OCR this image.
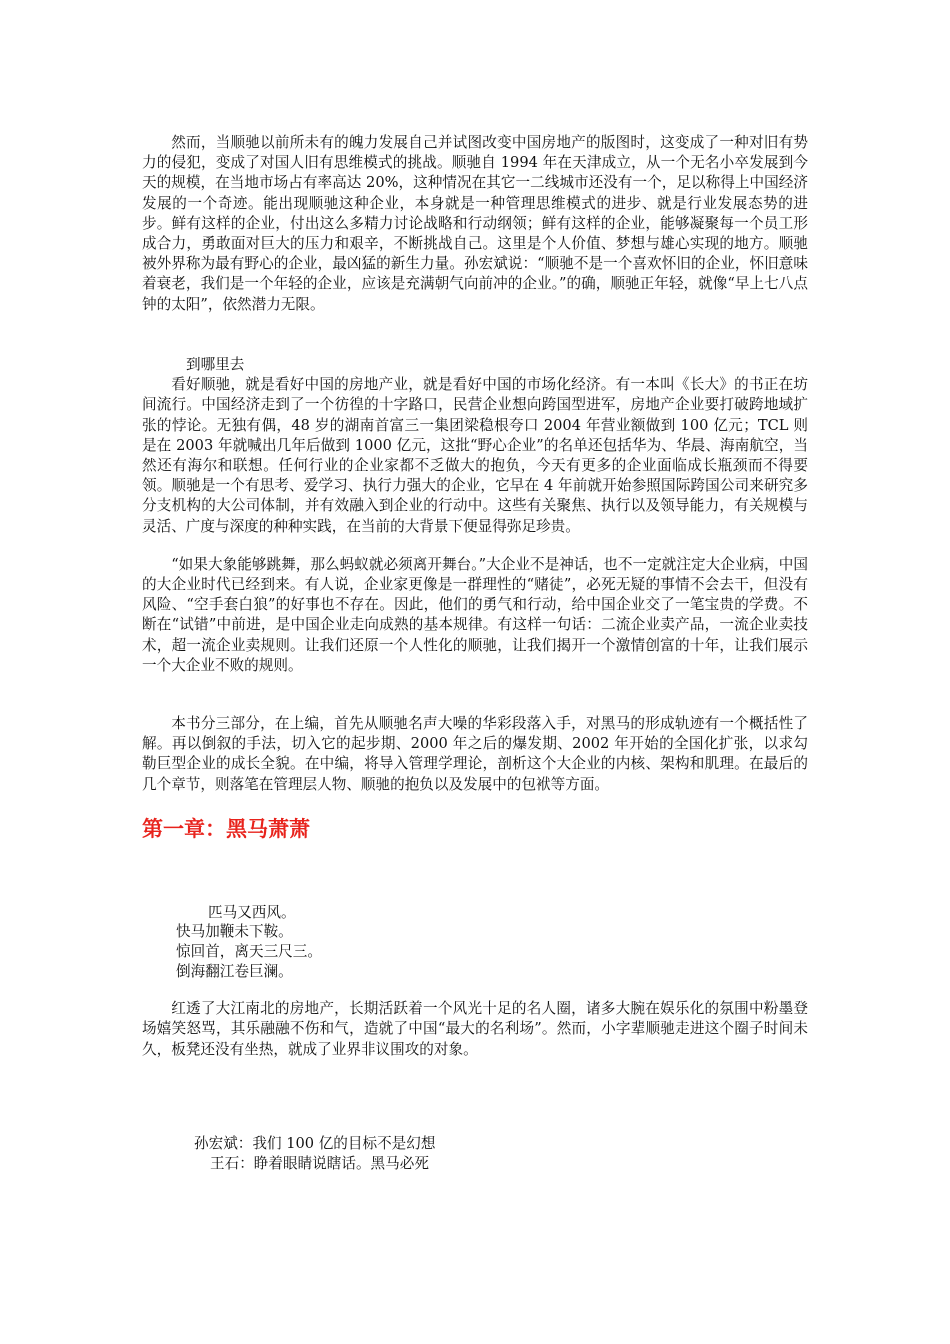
然而，当顺驰以前所未有的魄力发展自己并试图改变中国房地产的版图时，这变成了一种对旧有势力的侵犯，变成了对国人旧有思维模式的挑战。顺驰自 1994 年在天津成立，从一个无名小卒发展到今天的规模，在当地市场占有率高达 20%，这种情况在其它一二线城市还没有一个，足以称得上中国经济发展的一个奇迹。能出现顺驰这种企业，本身就是一种管理思维模式的进步、就是行业发展态势的进步。鲜有这样的企业，付出这么多精力讨论战略和行动纲领；鲜有这样的企业，能够凝聚每一个员工形成合力，勇敢面对巨大的压力和艰辛，不断挑战自己。这里是个人价值、梦想与雄心实现的地方。顺驰被外界称为最有野心的企业，最凶猛的新生力量。孙宏斌说：“顺驰不是一个喜欢怀旧的企业，怀旧意味着衰老，我们是一个年轻的企业，应该是充满朝气向前冲的企业。”的确，顺驰正年轻，就像“早上七八点钟的太阳”，依然潜力无限。

到哪里去

看好顺驰，就是看好中国的房地产业，就是看好中国的市场化经济。有一本叫《长大》的书正在坊间流行。中国经济走到了一个彷徨的十字路口，民营企业想向跨国型进军，房地产企业要打破跨地域扩张的悖论。无独有偶，48 岁的湖南首富三一集团梁稳根夸口 2004 年营业额做到 100 亿元；TCL 则是在 2003 年就喊出几年后做到 1000 亿元，这批“野心企业”的名单还包括华为、华晨、海南航空，当然还有海尔和联想。任何行业的企业家都不乏做大的抱负，今天有更多的企业面临成长瓶颈而不得要领。顺驰是一个有思考、爱学习、执行力强大的企业，它早在 4 年前就开始参照国际跨国公司来研究多分支机构的大公司体制，并有效融入到企业的行动中。这些有关聚焦、执行以及领导能力，有关规模与灵活、广度与深度的种种实践，在当前的大背景下便显得弥足珍贵。

“如果大象能够跳舞，那么蚂蚁就必须离开舞台。”大企业不是神话，也不一定就注定大企业病，中国的大企业时代已经到来。有人说，企业家更像是一群理性的“赌徒”，必死无疑的事情不会去干，但没有风险、“空手套白狼”的好事也不存在。因此，他们的勇气和行动，给中国企业交了一笔宝贵的学费。不断在“试错”中前进，是中国企业走向成熟的基本规律。有这样一句话：二流企业卖产品，一流企业卖技术，超一流企业卖规则。让我们还原一个人性化的顺驰，让我们揭开一个激情创富的十年，让我们展示一个大企业不败的规则。

本书分三部分，在上编，首先从顺驰名声大噪的华彩段落入手，对黑马的形成轨迹有一个概括性了解。再以倒叙的手法，切入它的起步期、2000 年之后的爆发期、2002 年开始的全国化扩张，以求勾勒巨型企业的成长全貌。在中编，将导入管理学理论，剖析这个大企业的内核、架构和肌理。在最后的几个章节，则落笔在管理层人物、顺驰的抱负以及发展中的包袱等方面。

第一章：黑马萧萧
匹马又西风。
快马加鞭未下鞍。
惊回首，离天三尺三。
倒海翻江卷巨澜。

红透了大江南北的房地产，长期活跃着一个风光十足的名人圈，诸多大腕在娱乐化的氛围中粉墨登场嬉笑怒骂，其乐融融不伤和气，造就了中国“最大的名利场”。然而，小字辈顺驰走进这个圈子时间未久，板凳还没有坐热，就成了业界非议围攻的对象。

孙宏斌：我们 100 亿的目标不是幻想
王石：睁着眼睛说瞎话。黑马必死
